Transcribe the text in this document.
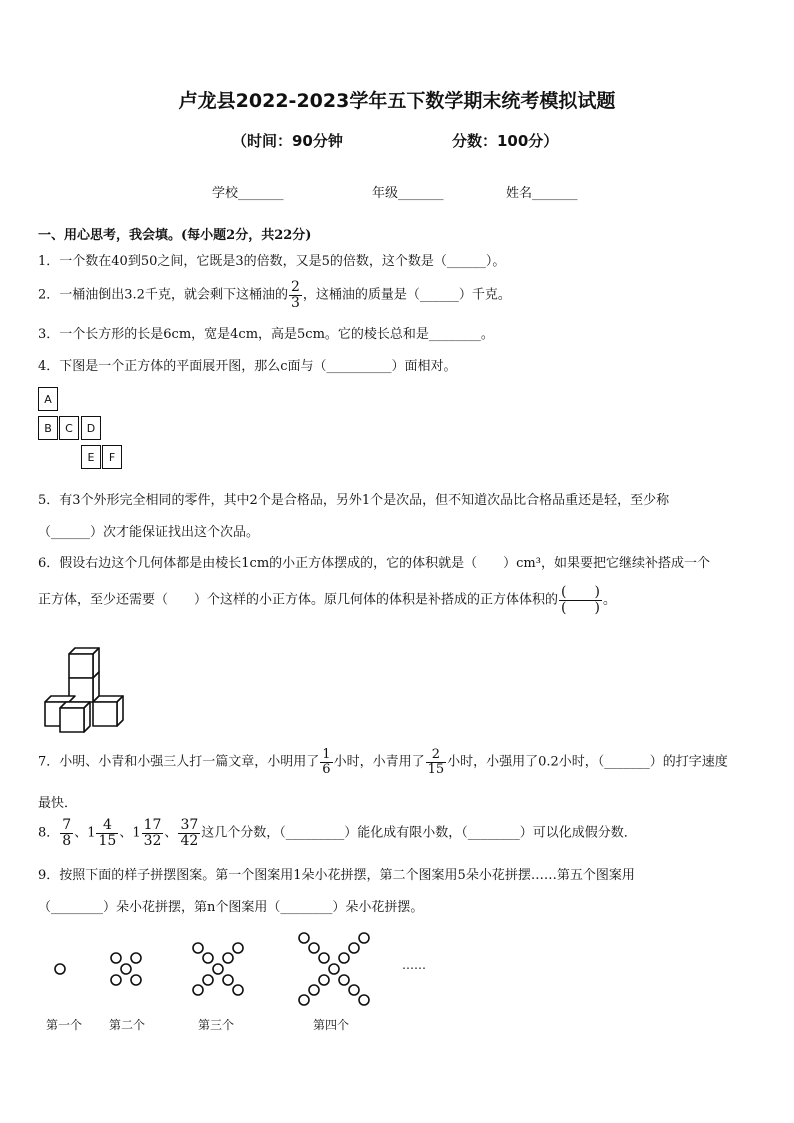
卢龙县2022-2023学年五下数学期末统考模拟试题
（时间：90分钟	分数：100分）
学校_______	年级_______	姓名_______
一、用心思考，我会填。(每小题2分，共22分)
1．一个数在40到50之间，它既是3的倍数，又是5的倍数，这个数是（______）。
2．一桶油倒出3.2千克，就会剩下这桶油的 $\frac{2}{3}$ ，这桶油的质量是（______）千克。
3．一个长方形的长是6cm，宽是4cm，高是5cm。它的棱长总和是________。
4．下图是一个正方体的平面展开图，那么c面与（__________）面相对。
A
B	C	D
E	F
5．有3个外形完全相同的零件，其中2个是合格品，另外1个是次品，但不知道次品比合格品重还是轻，至少称
（______）次才能保证找出这个次品。
6．假设右边这个几何体都是由棱长1cm的小正方体摆成的，它的体积就是（　　）cm³，如果要把它继续补搭成一个
正方体，至少还需要（　　）个这样的小正方体。原几何体的体积是补搭成的正方体体积的 $\frac{( )}{( )}$ 。
7．小明、小青和小强三人打一篇文章，小明用了 $\frac{1}{6}$ 小时，小青用了 $\frac{2}{15}$ 小时，小强用了0.2小时，（_______）的打字速度
最快．
8． $\frac{7}{8}$ 、$1 \frac{4}{15}$ 、$1 \frac{17}{32}$ 、 $\frac{37}{42}$ 这几个分数，（_________）能化成有限小数，（________）可以化成假分数．
9．按照下面的样子拼摆图案。第一个图案用1朵小花拼摆，第二个图案用5朵小花拼摆……第五个图案用
（________）朵小花拼摆，第n个图案用（________）朵小花拼摆。
……
第一个 第二个	第三个	第四个
